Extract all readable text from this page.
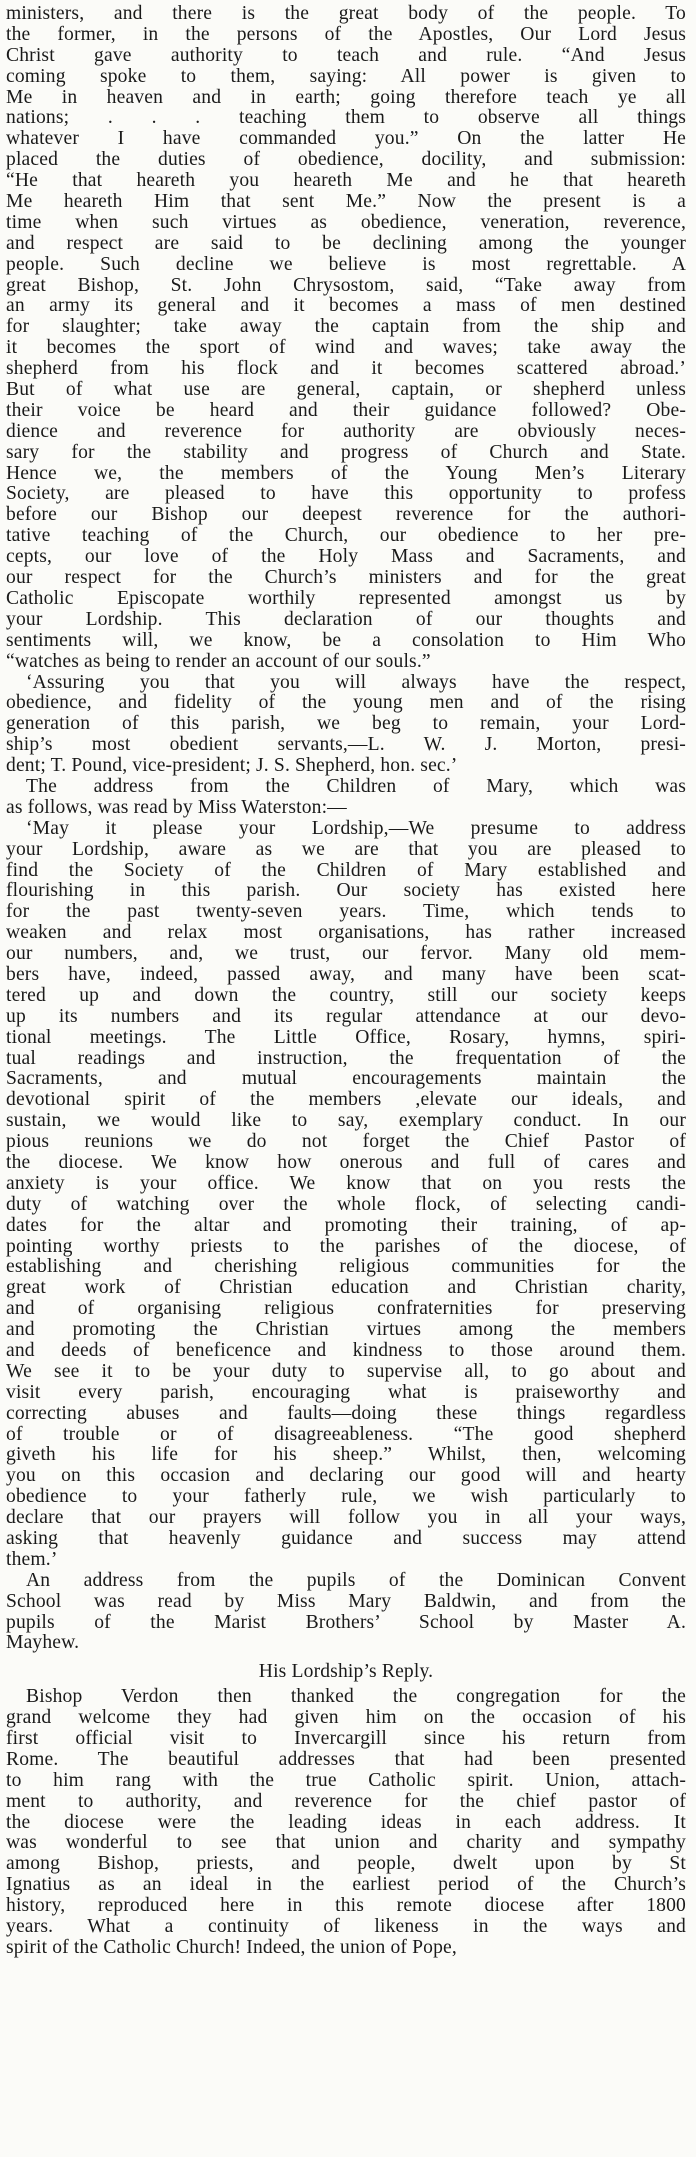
ministers, and there is the great body of the people. To
the former, in the persons of the Apostles, Our Lord Jesus
Christ gave authority to teach and rule. “And Jesus
coming spoke to them, saying: All power is given to
Me in heaven and in earth; going therefore teach ye all
nations; . . . teaching them to observe all things
whatever I have commanded you.” On the latter He
placed the duties of obedience, docility, and submission:
“He that heareth you heareth Me and he that heareth
Me heareth Him that sent Me.” Now the present is a
time when such virtues as obedience, veneration, reverence,
and respect are said to be declining among the younger
people. Such decline we believe is most regrettable. A
great Bishop, St. John Chrysostom, said, “Take away from
an army its general and it becomes a mass of men destined
for slaughter; take away the captain from the ship and
it becomes the sport of wind and waves; take away the
shepherd from his flock and it becomes scattered abroad.’
But of what use are general, captain, or shepherd unless
their voice be heard and their guidance followed? Obe-
dience and reverence for authority are obviously neces-
sary for the stability and progress of Church and State.
Hence we, the members of the Young Men’s Literary
Society, are pleased to have this opportunity to profess
before our Bishop our deepest reverence for the authori-
tative teaching of the Church, our obedience to her pre-
cepts, our love of the Holy Mass and Sacraments, and
our respect for the Church’s ministers and for the great
Catholic Episcopate worthily represented amongst us by
your Lordship. This declaration of our thoughts and
sentiments will, we know, be a consolation to Him Who
“watches as being to render an account of our souls.”
‘Assuring you that you will always have the respect,
obedience, and fidelity of the young men and of the rising
generation of this parish, we beg to remain, your Lord-
ship’s most obedient servants,—L. W. J. Morton, presi-
dent; T. Pound, vice-president; J. S. Shepherd, hon. sec.’
The address from the Children of Mary, which was
as follows, was read by Miss Waterston:—
‘May it please your Lordship,—We presume to address
your Lordship, aware as we are that you are pleased to
find the Society of the Children of Mary established and
flourishing in this parish. Our society has existed here
for the past twenty-seven years. Time, which tends to
weaken and relax most organisations, has rather increased
our numbers, and, we trust, our fervor. Many old mem-
bers have, indeed, passed away, and many have been scat-
tered up and down the country, still our society keeps
up its numbers and its regular attendance at our devo-
tional meetings. The Little Office, Rosary, hymns, spiri-
tual readings and instruction, the frequentation of the
Sacraments, and mutual encouragements maintain the
devotional spirit of the members ,elevate our ideals, and
sustain, we would like to say, exemplary conduct. In our
pious reunions we do not forget the Chief Pastor of
the diocese. We know how onerous and full of cares and
anxiety is your office. We know that on you rests the
duty of watching over the whole flock, of selecting candi-
dates for the altar and promoting their training, of ap-
pointing worthy priests to the parishes of the diocese, of
establishing and cherishing religious communities for the
great work of Christian education and Christian charity,
and of organising religious confraternities for preserving
and promoting the Christian virtues among the members
and deeds of beneficence and kindness to those around them.
We see it to be your duty to supervise all, to go about and
visit every parish, encouraging what is praiseworthy and
correcting abuses and faults—doing these things regardless
of trouble or of disagreeableness. “The good shepherd
giveth his life for his sheep.” Whilst, then, welcoming
you on this occasion and declaring our good will and hearty
obedience to your fatherly rule, we wish particularly to
declare that our prayers will follow you in all your ways,
asking that heavenly guidance and success may attend
them.’
An address from the pupils of the Dominican Convent
School was read by Miss Mary Baldwin, and from the
pupils of the Marist Brothers’ School by Master A.
Mayhew.
His Lordship’s Reply.
Bishop Verdon then thanked the congregation for the
grand welcome they had given him on the occasion of his
first official visit to Invercargill since his return from
Rome. The beautiful addresses that had been presented
to him rang with the true Catholic spirit. Union, attach-
ment to authority, and reverence for the chief pastor of
the diocese were the leading ideas in each address. It
was wonderful to see that union and charity and sympathy
among Bishop, priests, and people, dwelt upon by St
Ignatius as an ideal in the earliest period of the Church’s
history, reproduced here in this remote diocese after 1800
years. What a continuity of likeness in the ways and
spirit of the Catholic Church! Indeed, the union of Pope,
